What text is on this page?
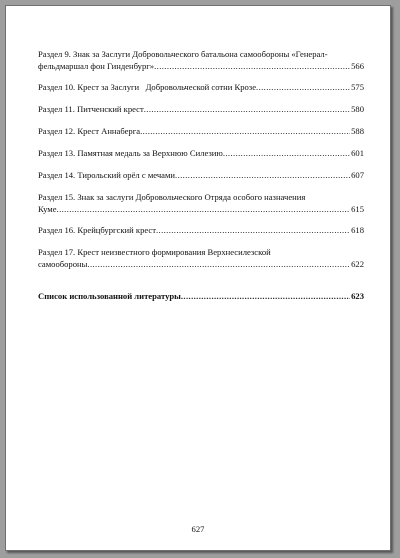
Раздел 9. Знак за Заслуги Добровольческого батальона самообороны «Генерал-
фельдмаршал фон Гинденбург» .....	566
Раздел 10. Крест за Заслуги   Добровольческой сотни Крозе .....	575
Раздел 11. Питченский крест .....	580
Раздел 12. Крест Аннаберга .....	588
Раздел 13. Памятная медаль за Верхнюю Силезию .....	601
Раздел 14. Тирольский орёл с мечами .....	607
Раздел 15. Знак за заслуги Добровольческого Отряда особого назначения
Куме .....	615
Раздел 16. Крейцбургский крест .....	618
Раздел 17. Крест неизвестного формирования Верхнесилезской
самообороны .....	622
Список использованной литературы .....	623
627
